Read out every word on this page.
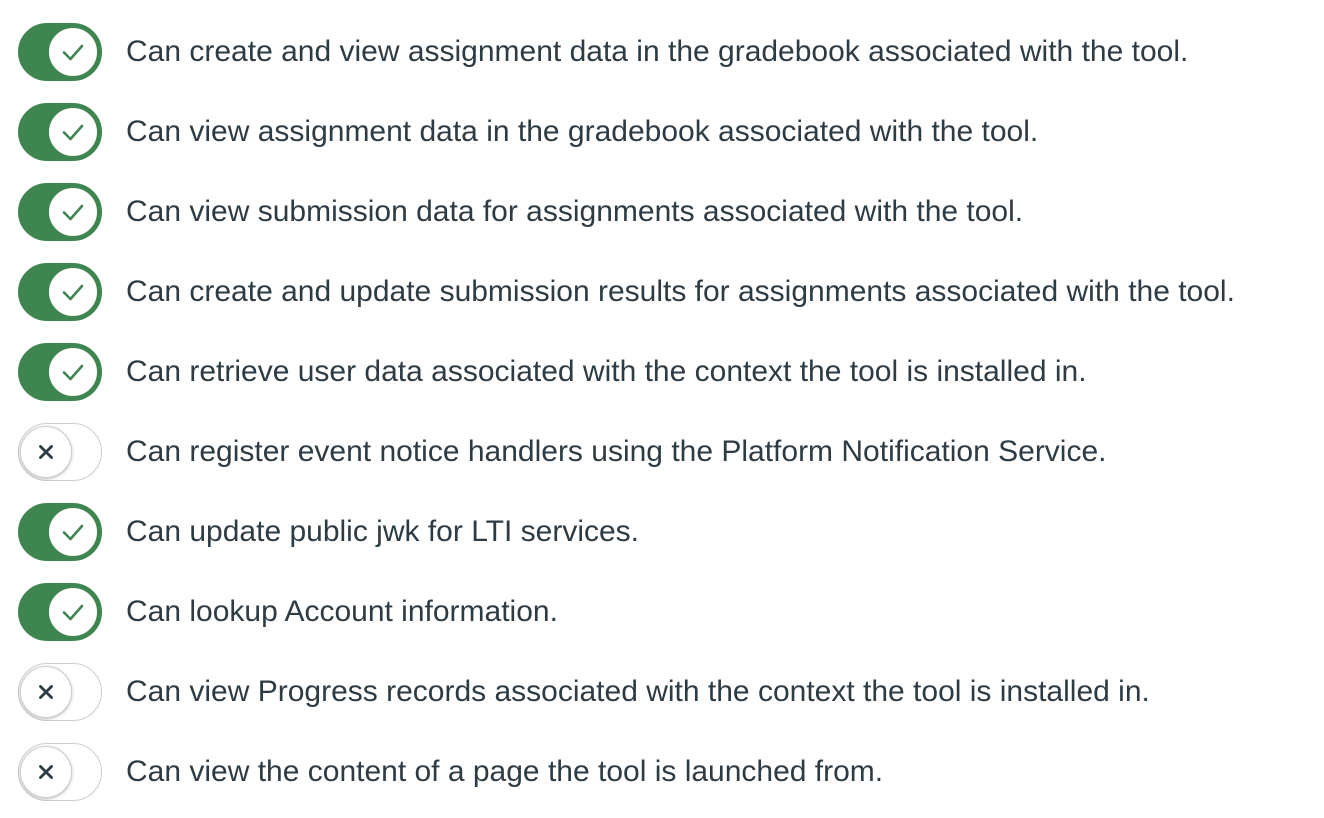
Can create and view assignment data in the gradebook associated with the tool.
Can view assignment data in the gradebook associated with the tool.
Can view submission data for assignments associated with the tool.
Can create and update submission results for assignments associated with the tool.
Can retrieve user data associated with the context the tool is installed in.
Can register event notice handlers using the Platform Notification Service.
Can update public jwk for LTI services.
Can lookup Account information.
Can view Progress records associated with the context the tool is installed in.
Can view the content of a page the tool is launched from.
